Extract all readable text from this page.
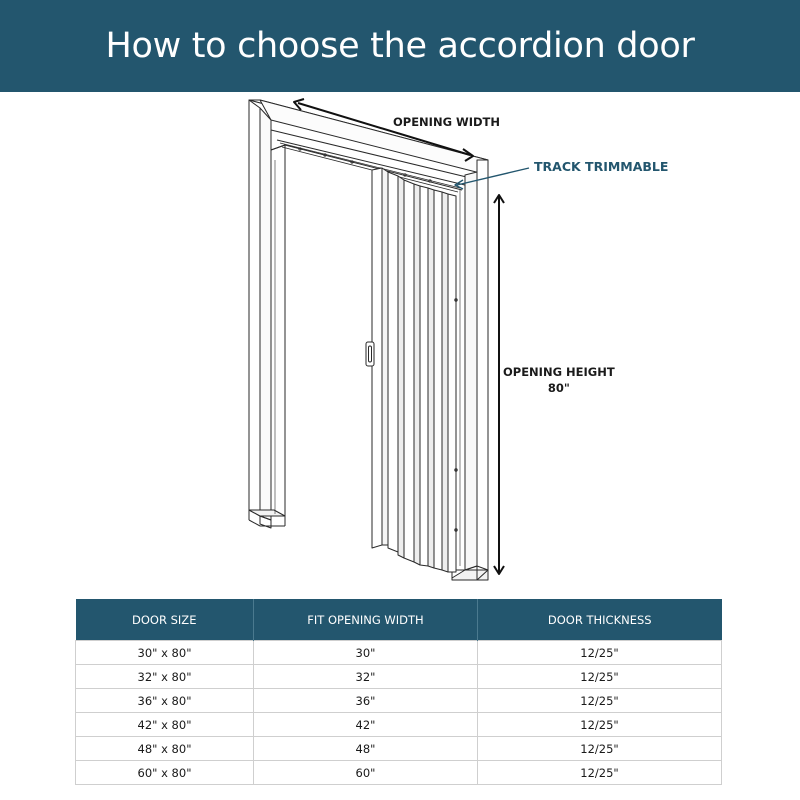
How to choose the accordion door
OPENING WIDTH
TRACK TRIMMABLE
OPENING HEIGHT
80"
DOOR SIZE	FIT OPENING WIDTH	DOOR THICKNESS
30" x 80"	30"	12/25"
32" x 80"	32"	12/25"
36" x 80"	36"	12/25"
42" x 80"	42"	12/25"
48" x 80"	48"	12/25"
60" x 80"	60"	12/25"
